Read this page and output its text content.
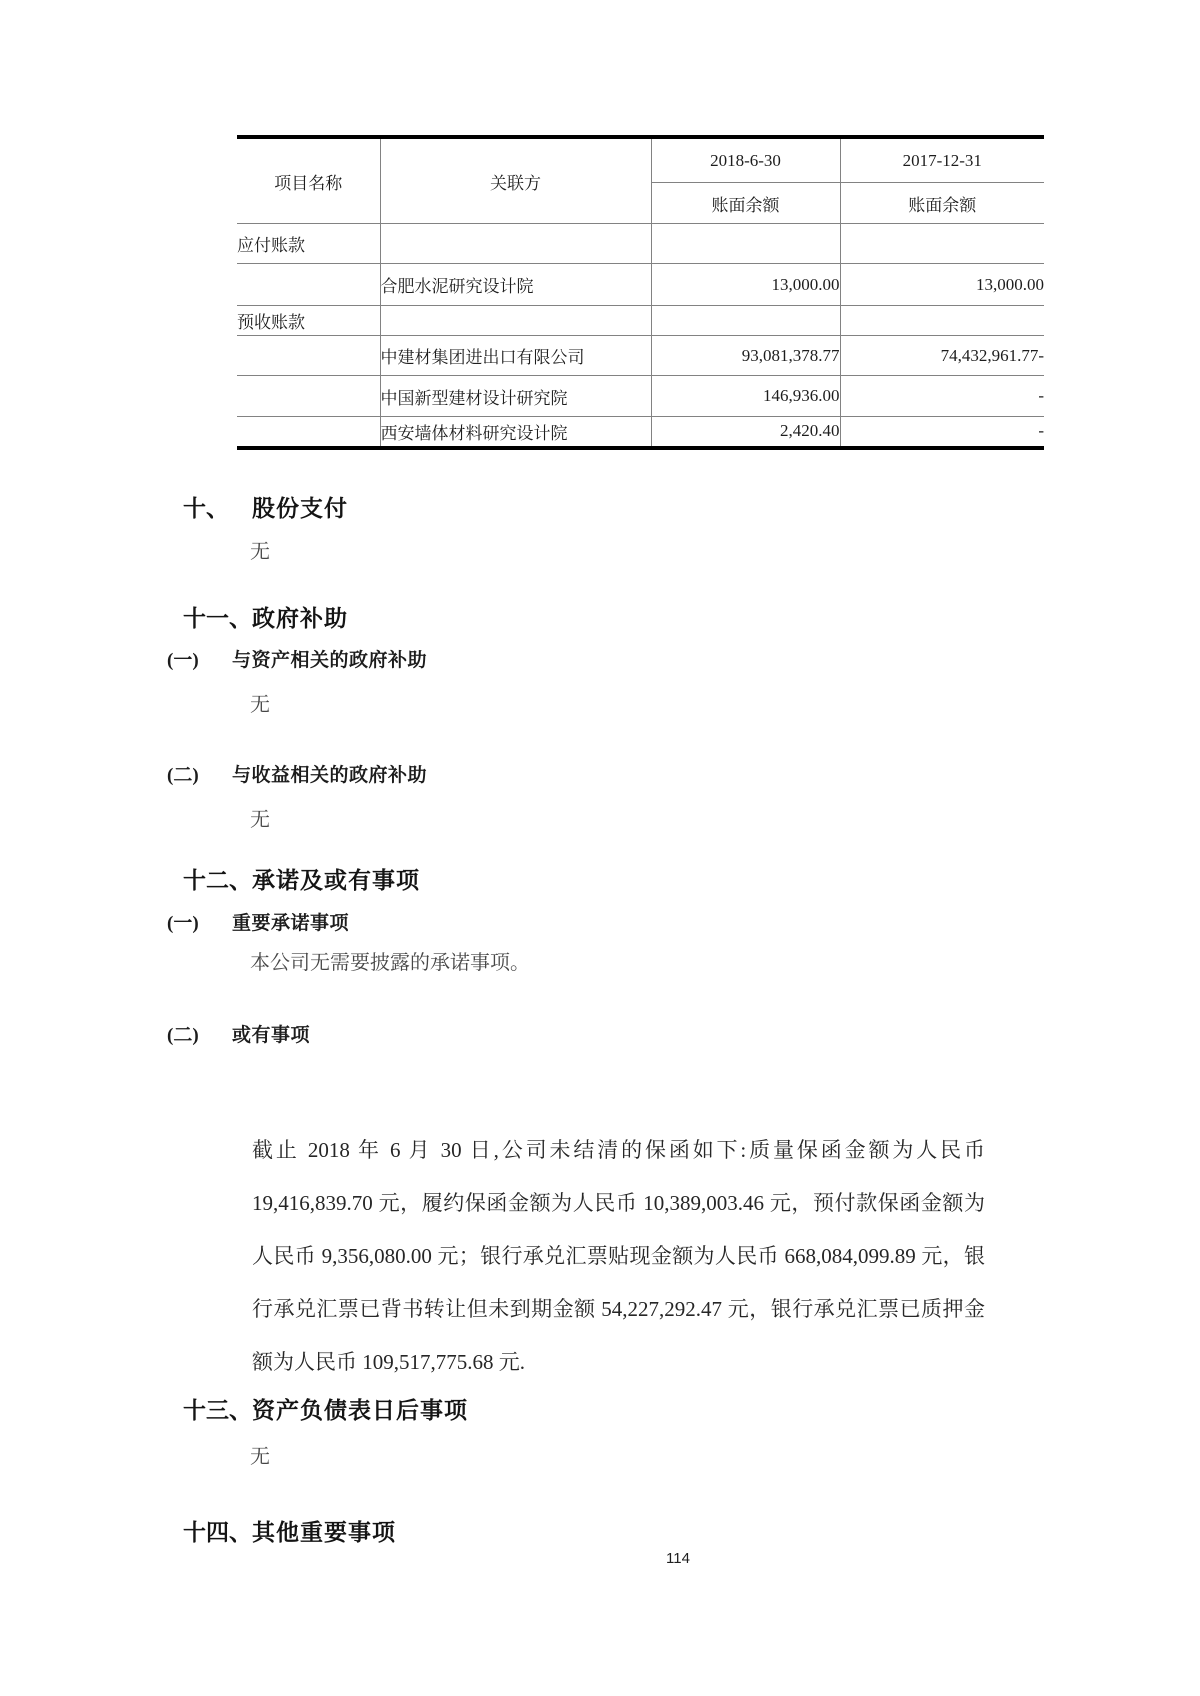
项目名称	关联方	2018-6-30	2017-12-31
		账面余额	账面余额
应付账款			
	合肥水泥研究设计院	13,000.00	13,000.00
预收账款			
	中建材集团进出口有限公司	93,081,378.77	74,432,961.77-
	中国新型建材设计研究院	146,936.00	-
	西安墙体材料研究设计院	2,420.40	-
十、	股份支付
无
十一、 政府补助
(一)	与资产相关的政府补助
无
(二)	与收益相关的政府补助
无
十二、 承诺及或有事项
(一)	重要承诺事项
本公司无需要披露的承诺事项。
(二)	或有事项
截止 2018 年 6 月 30 日,公司未结清的保函如下:质量保函金额为人民币 19,416,839.70 元，履约保函金额为人民币 10,389,003.46 元，预付款保函金额为人民币 9,356,080.00 元；银行承兑汇票贴现金额为人民币 668,084,099.89 元，银行承兑汇票已背书转让但未到期金额 54,227,292.47 元，银行承兑汇票已质押金额为人民币 109,517,775.68 元.
十三、 资产负债表日后事项
无
十四、 其他重要事项
114
